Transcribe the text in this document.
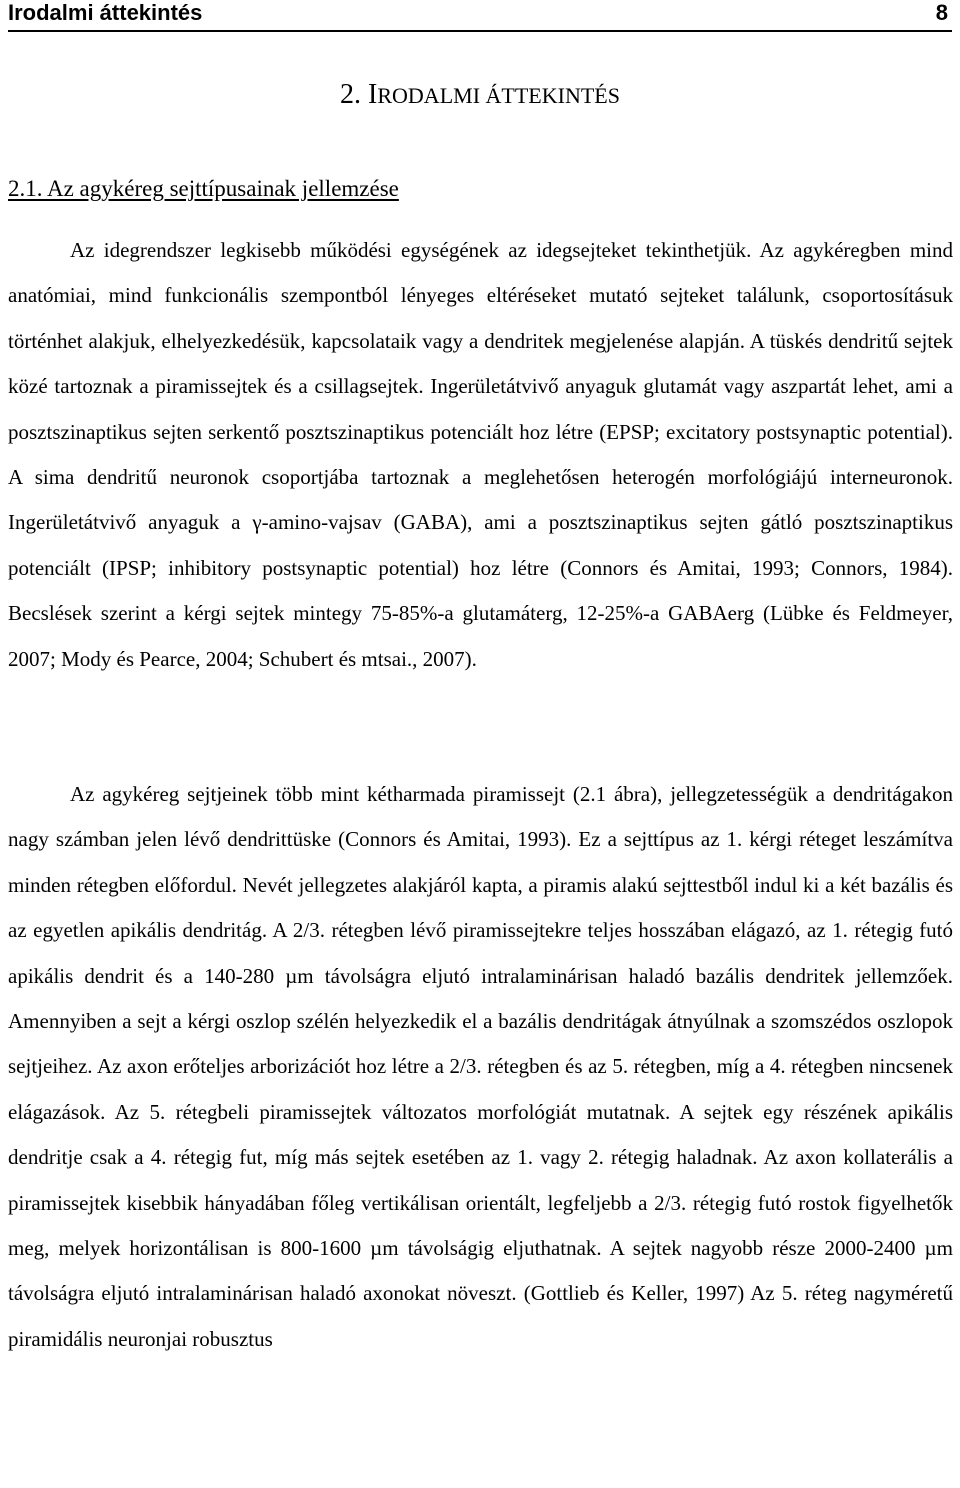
Irodalmi áttekintés	8
2. IRODALMI ÁTTEKINTÉS
2.1. Az agykéreg sejttípusainak jellemzése

Az idegrendszer legkisebb működési egységének az idegsejteket tekinthetjük. Az agykéregben mind anatómiai, mind funkcionális szempontból lényeges eltéréseket mutató sejteket találunk, csoportosításuk történhet alakjuk, elhelyezkedésük, kapcsolataik vagy a dendritek megjelenése alapján. A tüskés dendritű sejtek közé tartoznak a piramissejtek és a csillagsejtek. Ingerületátvivő anyaguk glutamát vagy aszpartát lehet, ami a posztszinaptikus sejten serkentő posztszinaptikus potenciált hoz létre (EPSP; excitatory postsynaptic potential). A sima dendritű neuronok csoportjába tartoznak a meglehetősen heterogén morfológiájú interneuronok. Ingerületátvivő anyaguk a γ-amino-vajsav (GABA), ami a posztszinaptikus sejten gátló posztszinaptikus potenciált (IPSP; inhibitory postsynaptic potential) hoz létre (Connors és Amitai, 1993; Connors, 1984). Becslések szerint a kérgi sejtek mintegy 75-85%-a glutamáterg, 12-25%-a GABAerg (Lübke és Feldmeyer, 2007; Mody és Pearce, 2004; Schubert és mtsai., 2007).

Az agykéreg sejtjeinek több mint kétharmada piramissejt (2.1 ábra), jellegzetességük a dendritágakon nagy számban jelen lévő dendrittüske (Connors és Amitai, 1993). Ez a sejttípus az 1. kérgi réteget leszámítva minden rétegben előfordul. Nevét jellegzetes alakjáról kapta, a piramis alakú sejttestből indul ki a két bazális és az egyetlen apikális dendritág. A 2/3. rétegben lévő piramissejtekre teljes hosszában elágazó, az 1. rétegig futó apikális dendrit és a 140-280 µm távolságra eljutó intralaminárisan haladó bazális dendritek jellemzőek. Amennyiben a sejt a kérgi oszlop szélén helyezkedik el a bazális dendritágak átnyúlnak a szomszédos oszlopok sejtjeihez. Az axon erőteljes arborizációt hoz létre a 2/3. rétegben és az 5. rétegben, míg a 4. rétegben nincsenek elágazások. Az 5. rétegbeli piramissejtek változatos morfológiát mutatnak. A sejtek egy részének apikális dendritje csak a 4. rétegig fut, míg más sejtek esetében az 1. vagy 2. rétegig haladnak. Az axon kollaterális a piramissejtek kisebbik hányadában főleg vertikálisan orientált, legfeljebb a 2/3. rétegig futó rostok figyelhetők meg, melyek horizontálisan is 800-1600 µm távolságig eljuthatnak. A sejtek nagyobb része 2000-2400 µm távolságra eljutó intralaminárisan haladó axonokat növeszt. (Gottlieb és Keller, 1997) Az 5. réteg nagyméretű piramidális neuronjai robusztus
